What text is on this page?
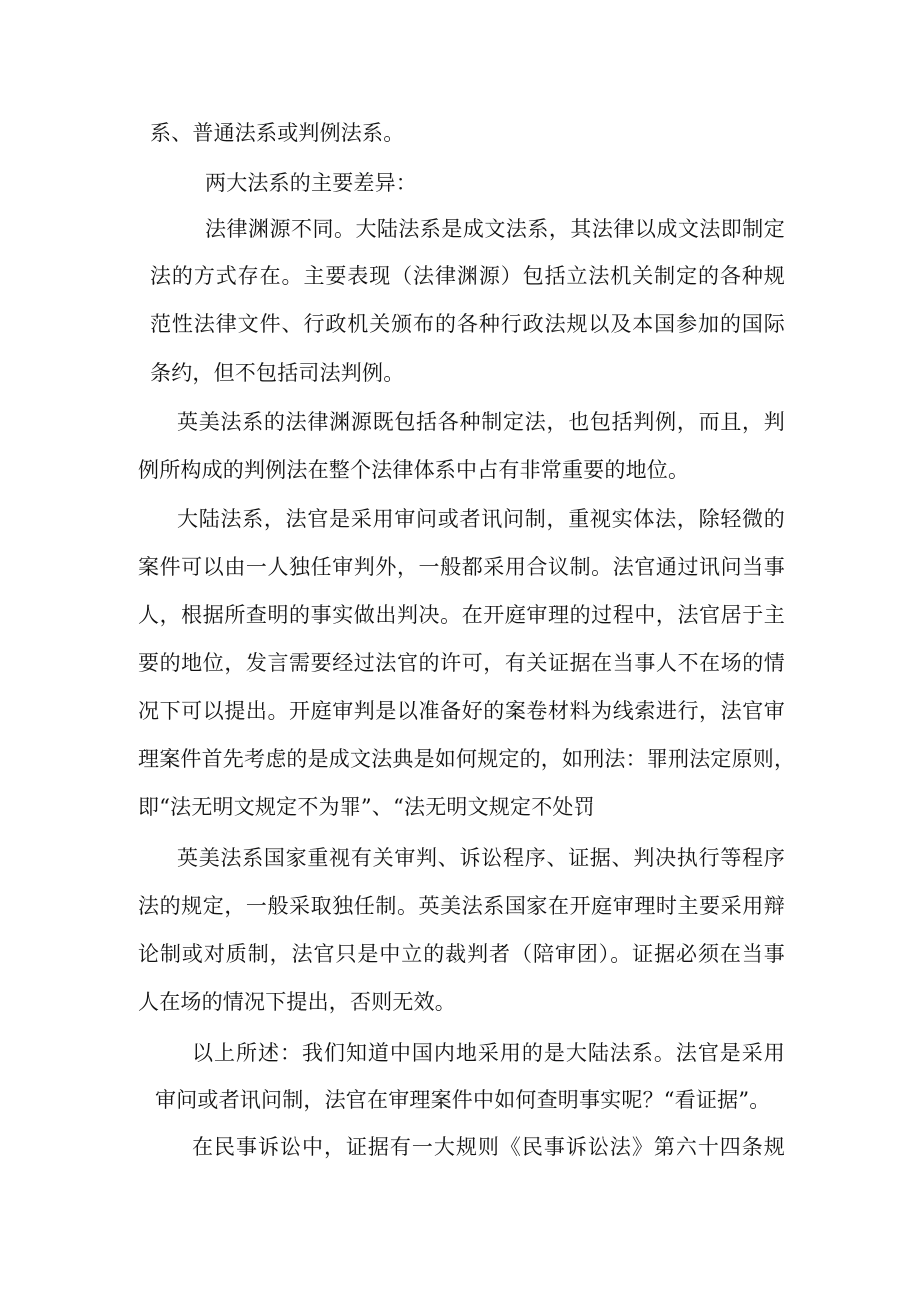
系、普通法系或判例法系。
两大法系的主要差异：
法律渊源不同。大陆法系是成文法系，其法律以成文法即制定
法的方式存在。主要表现（法律渊源）包括立法机关制定的各种规
范性法律文件、行政机关颁布的各种行政法规以及本国参加的国际
条约，但不包括司法判例。
英美法系的法律渊源既包括各种制定法，也包括判例，而且，判
例所构成的判例法在整个法律体系中占有非常重要的地位。
大陆法系，法官是采用审问或者讯问制，重视实体法，除轻微的
案件可以由一人独任审判外，一般都采用合议制。法官通过讯问当事
人，根据所查明的事实做出判决。在开庭审理的过程中，法官居于主
要的地位，发言需要经过法官的许可，有关证据在当事人不在场的情
况下可以提出。开庭审判是以准备好的案卷材料为线索进行，法官审
理案件首先考虑的是成文法典是如何规定的，如刑法：罪刑法定原则，
即“法无明文规定不为罪”、“法无明文规定不处罚
英美法系国家重视有关审判、诉讼程序、证据、判决执行等程序
法的规定，一般采取独任制。英美法系国家在开庭审理时主要采用辩
论制或对质制，法官只是中立的裁判者（陪审团）。证据必须在当事
人在场的情况下提出，否则无效。
以上所述：我们知道中国内地采用的是大陆法系。法官是采用
审问或者讯问制，法官在审理案件中如何查明事实呢？“看证据”。
在民事诉讼中，证据有一大规则《民事诉讼法》第六十四条规
